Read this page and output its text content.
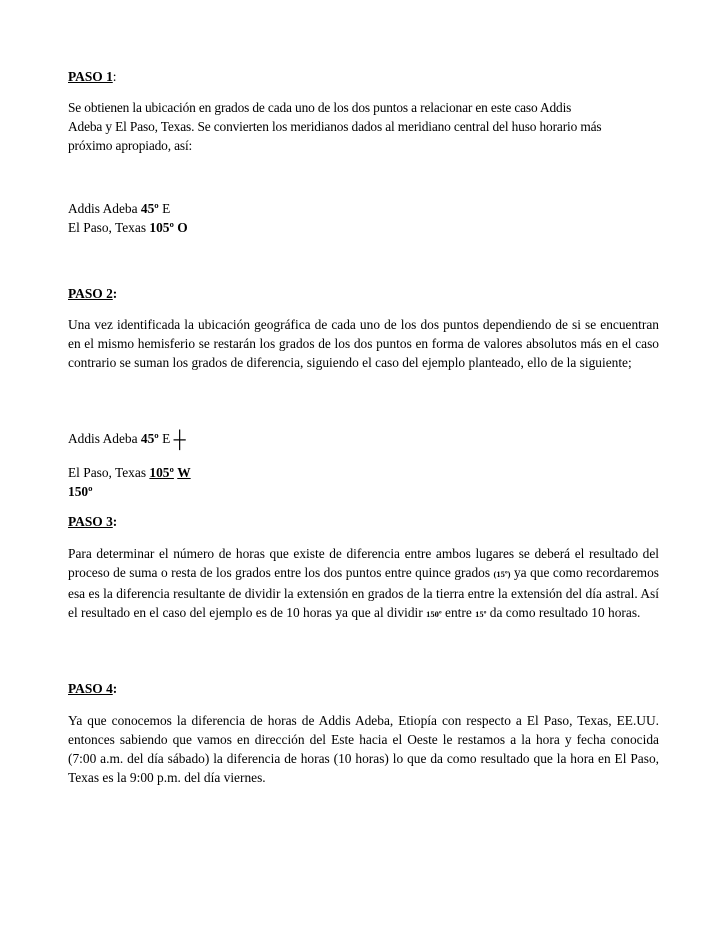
PASO 1:
Se obtienen la ubicación en grados de cada uno de los dos puntos a relacionar en este caso Addis
Adeba y El Paso, Texas. Se convierten los meridianos dados al meridiano central del huso horario más
próximo apropiado, así:
Addis Adeba 45º E
El Paso, Texas 105º O
PASO 2:
Una vez identificada la ubicación geográfica de cada uno de los dos puntos dependiendo de si se encuentran en el mismo hemisferio se restarán los grados de los dos puntos en forma de valores absolutos más en el caso contrario se suman los grados de diferencia, siguiendo el caso del ejemplo planteado, ello de la siguiente;
Addis Adeba 45º E ┼
El Paso, Texas 105º W
150º
PASO 3:
Para determinar el número de horas que existe de diferencia entre ambos lugares se deberá el resultado del proceso de suma o resta de los grados entre los dos puntos entre quince grados (15º) ya que como recordaremos esa es la diferencia resultante de dividir la extensión en grados de la tierra entre la extensión del día astral. Así el resultado en el caso del ejemplo es de 10 horas ya que al dividir 150º entre 15º da como resultado 10 horas.
PASO 4:
Ya que conocemos la diferencia de horas de Addis Adeba, Etiopía con respecto a El Paso, Texas, EE.UU. entonces sabiendo que vamos en dirección del Este hacia el Oeste le restamos a la hora y fecha conocida (7:00 a.m. del día sábado) la diferencia de horas (10 horas) lo que da como resultado que la hora en El Paso, Texas es la 9:00 p.m. del día viernes.
